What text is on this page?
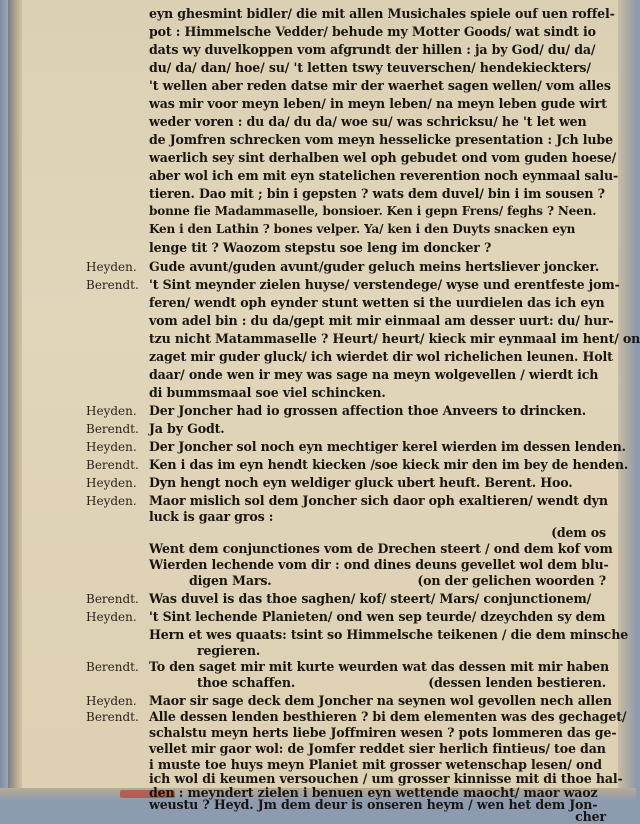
eyn ghesmint bidler/ die mit allen Musichales spiele ouf uen roffel-
pot : Himmelsche Vedder/ behude my Motter Goods/ wat sindt io
dats wy duvelkoppen vom afgrundt der hillen : ja by God/ du/ da/
du/ da/ dan/ hoe/ su/ 't letten tswy teuverschen/ hendekieckters/
't wellen aber reden datse mir der waerhet sagen wellen/ vom alles
was mir voor meyn leben/ in meyn leben/ na meyn leben gude wirt
weder voren : du da/ du da/ woe su/ was schricksu/ he 't let wen
de Jomfren schrecken vom meyn hesselicke presentation : Jch lube
waerlich sey sint derhalben wel oph gebudet ond vom guden hoese/
aber wol ich em mit eyn statelichen reverention noch eynmaal salu-
tieren. Dao mit ; bin i gepsten ? wats dem duvel/ bin i im sousen ?
bonne fie Madammaselle, bonsioer. Ken i gepn Frens/ feghs ? Neen.
Ken i den Lathin ? bones velper. Ya/ ken i den Duyts snacken eyn
lenge tit ? Waozom stepstu soe leng im doncker ?
Gude avunt/guden avunt/guder geluch meins hertsliever joncker.
't Sint meynder zielen huyse/ verstendege/ wyse und erentfeste jom-
feren/ wendt oph eynder stunt wetten si the uurdielen das ich eyn
vom adel bin : du da/gept mit mir einmaal am desser uurt: du/ hur-
tzu nicht Matammaselle ? Heurt/ heurt/ kieck mir eynmaal im hent/ on
zaget mir guder gluck/ ich wierdet dir wol richelichen leunen. Holt
daar/ onde wen ir mey was sage na meyn wolgevellen / wierdt ich
di bummsmaal soe viel schincken.
Der Joncher had io grossen affection thoe Anveers to drincken.
Ja by Godt.
Der Joncher sol noch eyn mechtiger kerel wierden im dessen lenden.
Ken i das im eyn hendt kiecken /soe kieck mir den im bey de henden.
Dyn hengt noch eyn weldiger gluck ubert heuft. Berent. Hoo.
Maor mislich sol dem Joncher sich daor oph exaltieren/ wendt dyn
luck is gaar gros :
(dem os
Went dem conjunctiones vom de Drechen steert / ond dem kof vom
Wierden lechende vom dir : ond dines deuns gevellet wol dem blu-
digen Mars.	(on der gelichen woorden ?
Was duvel is das thoe saghen/ kof/ steert/ Mars/ conjunctionem/
't Sint lechende Planieten/ ond wen sep teurde/ dzeychden sy dem
Hern et wes quaats: tsint so Himmelsche teikenen / die dem minsche
regieren.
To den saget mir mit kurte weurden wat das dessen mit mir haben
thoe schaffen.	(dessen lenden bestieren.
Maor sir sage deck dem Joncher na seynen wol gevollen nech allen
Alle dessen lenden besthieren ? bi dem elementen was des gechaget/
schalstu meyn herts liebe Joffmiren wesen ? pots lommeren das ge-
vellet mir gaor wol: de Jomfer reddet sier herlich fintieus/ toe dan
i muste toe huys meyn Planiet mit grosser wetenschap lesen/ ond
ich wol di keumen versouchen / um grosser kinnisse mit di thoe hal-
den : meyndert zielen i benuen eyn wettende maocht/ maor waoz
weustu ? Heyd. Jm dem deur is onseren heym / wen het dem Jon-
cher
Heyden.
Berendt.
Heyden.
Berendt.
Heyden.
Berendt.
Heyden.
Heyden.
Berendt.
Heyden.
Berendt.
Heyden.
Berendt.
